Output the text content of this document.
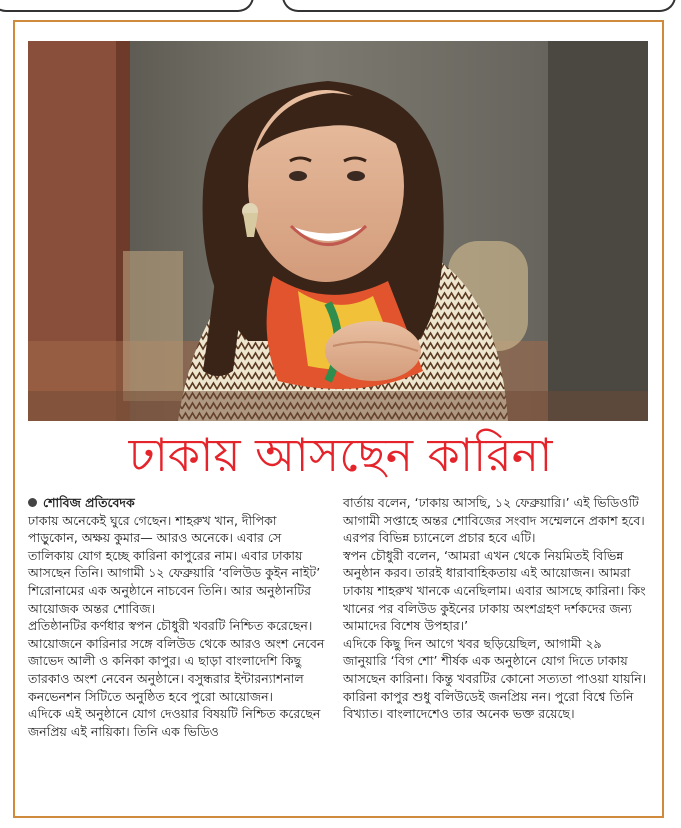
ঢাকায় আসছেন কারিনা
শোবিজ প্রতিবেদক

ঢাকায় অনেকেই ঘুরে গেছেন। শাহরুখ খান, দীপিকা পাড়ুকোন, অক্ষয় কুমার— আরও অনেকে। এবার সে তালিকায় যোগ হচ্ছে কারিনা কাপুরের নাম। এবার ঢাকায় আসছেন তিনি। আগামী ১২ ফেব্রুয়ারি ‘বলিউড কুইন নাইট’ শিরোনামের এক অনুষ্ঠানে নাচবেন তিনি। আর অনুষ্ঠানটির আয়োজক অন্তর শোবিজ।

প্রতিষ্ঠানটির কর্ণধার স্বপন চৌধুরী খবরটি নিশ্চিত করেছেন।

আয়োজনে কারিনার সঙ্গে বলিউড থেকে আরও অংশ নেবেন জাভেদ আলী ও কনিকা কাপুর। এ ছাড়া বাংলাদেশি কিছু তারকাও অংশ নেবেন অনুষ্ঠানে। বসুন্ধরার ইন্টারন্যাশনাল কনভেনশন সিটিতে অনুষ্ঠিত হবে পুরো আয়োজন।

এদিকে এই অনুষ্ঠানে যোগ দেওয়ার বিষয়টি নিশ্চিত করেছেন জনপ্রিয় এই নায়িকা। তিনি এক ভিডিও

বার্তায় বলেন, ‘ঢাকায় আসছি, ১২ ফেব্রুয়ারি।’ এই ভিডিওটি আগামী সপ্তাহে অন্তর শোবিজের সংবাদ সম্মেলনে প্রকাশ হবে। এরপর বিভিন্ন চ্যানেলে প্রচার হবে এটি।

স্বপন চৌধুরী বলেন, ‘আমরা এখন থেকে নিয়মিতই বিভিন্ন অনুষ্ঠান করব। তারই ধারাবাহিকতায় এই আয়োজন। আমরা ঢাকায় শাহরুখ খানকে এনেছিলাম। এবার আসছে কারিনা। কিং খানের পর বলিউড কুইনের ঢাকায় অংশগ্রহণ দর্শকদের জন্য আমাদের বিশেষ উপহার।’

এদিকে কিছু দিন আগে খবর ছড়িয়েছিল, আগামী ২৯ জানুয়ারি ‘বিগ শো’ শীর্ষক এক অনুষ্ঠানে যোগ দিতে ঢাকায় আসছেন কারিনা। কিন্তু খবরটির কোনো সত্যতা পাওয়া যায়নি।

কারিনা কাপুর শুধু বলিউডেই জনপ্রিয় নন। পুরো বিশ্বে তিনি বিখ্যাত। বাংলাদেশেও তার অনেক ভক্ত রয়েছে।
